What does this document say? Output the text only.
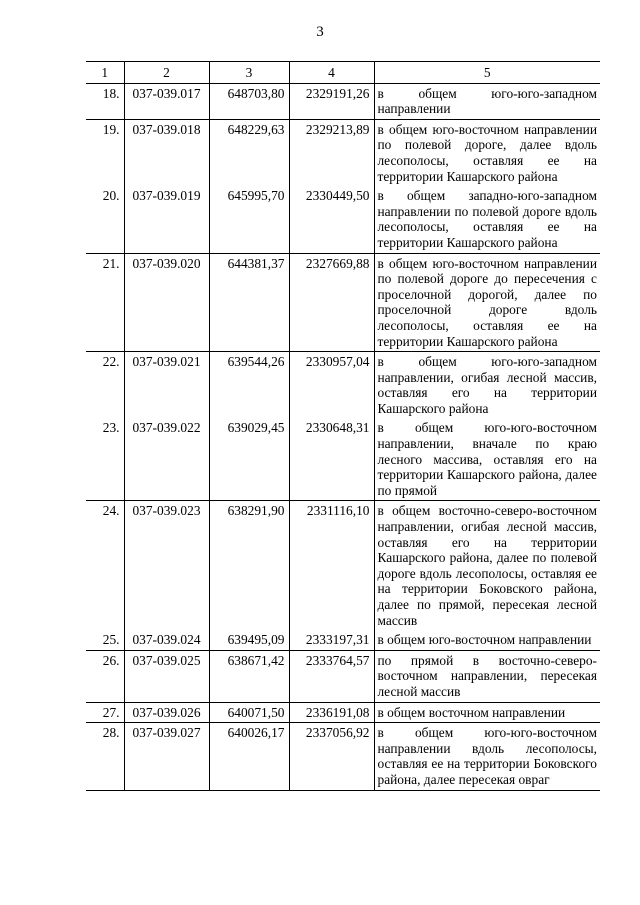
3
1	2	3	4	5
18.	037-039.017	648703,80	2329191,26	в общем юго-юго-западном направлении
19.	037-039.018	648229,63	2329213,89	в общем юго-восточном направлении по полевой дороге, далее вдоль лесополосы, оставляя ее на территории Кашарского района
20.	037-039.019	645995,70	2330449,50	в общем западно-юго-западном направлении по полевой дороге вдоль лесополосы, оставляя ее на территории Кашарского района
21.	037-039.020	644381,37	2327669,88	в общем юго-восточном направлении по полевой дороге до пересечения с проселочной дорогой, далее по проселочной дороге вдоль лесополосы, оставляя ее на территории Кашарского района
22.	037-039.021	639544,26	2330957,04	в общем юго-юго-западном направлении, огибая лесной массив, оставляя его на территории Кашарского района
23.	037-039.022	639029,45	2330648,31	в общем юго-юго-восточном направлении, вначале по краю лесного массива, оставляя его на территории Кашарского района, далее по прямой
24.	037-039.023	638291,90	2331116,10	в общем восточно-северо-восточном направлении, огибая лесной массив, оставляя его на территории Кашарского района, далее по полевой дороге вдоль лесополосы, оставляя ее на территории Боковского района, далее по прямой, пересекая лесной массив
25.	037-039.024	639495,09	2333197,31	в общем юго-восточном направлении
26.	037-039.025	638671,42	2333764,57	по прямой в восточно-северо-восточном направлении, пересекая лесной массив
27.	037-039.026	640071,50	2336191,08	в общем восточном направлении
28.	037-039.027	640026,17	2337056,92	в общем юго-юго-восточном направлении вдоль лесополосы, оставляя ее на территории Боковского района, далее пересекая овраг
